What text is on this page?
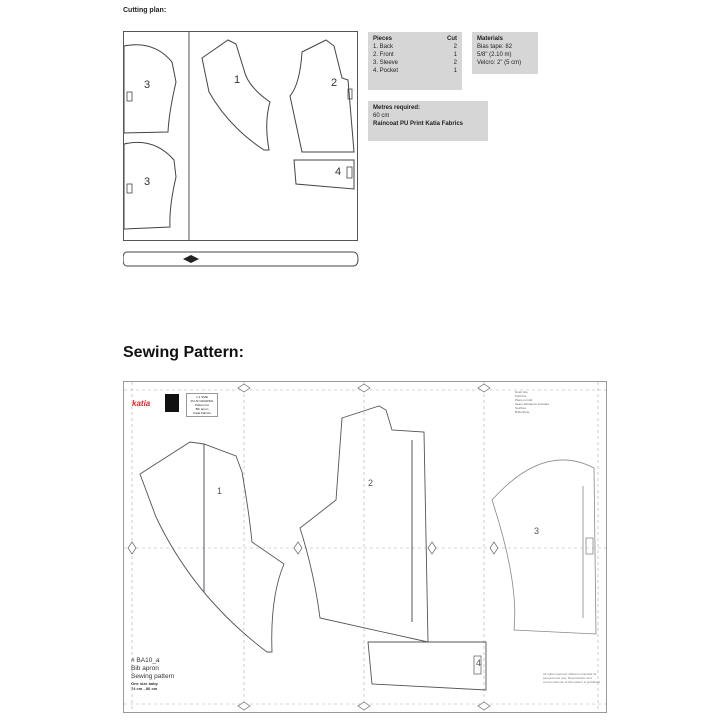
Cutting plan:
3
3
1	2
4
Pieces	Cut
1. Back	2
2. Front	1
3. Sleeve	2
4. Pocket	1
Materials
Bias tape: 82
5/8" (2.10 m)
Velcro: 2" (5 cm)
Metres required:
60 cm
Raincoat PU Print Katia Fabrics
Sewing Pattern:
1
2
3
4
katia
1-1 SIZE
PLUS GRADING
Pattern for
Bib apron
Katia Fabrics
Grain line
Fold line
Place on fold
Seam allowance included
Notches
Buttonhole
# BA10_a
Bib apron
Sewing pattern
One size baby
74 cm - 86 cm
All rights reserved. Patterns intended for personal use only. Reproduction and commercial use of this pattern is prohibited.
